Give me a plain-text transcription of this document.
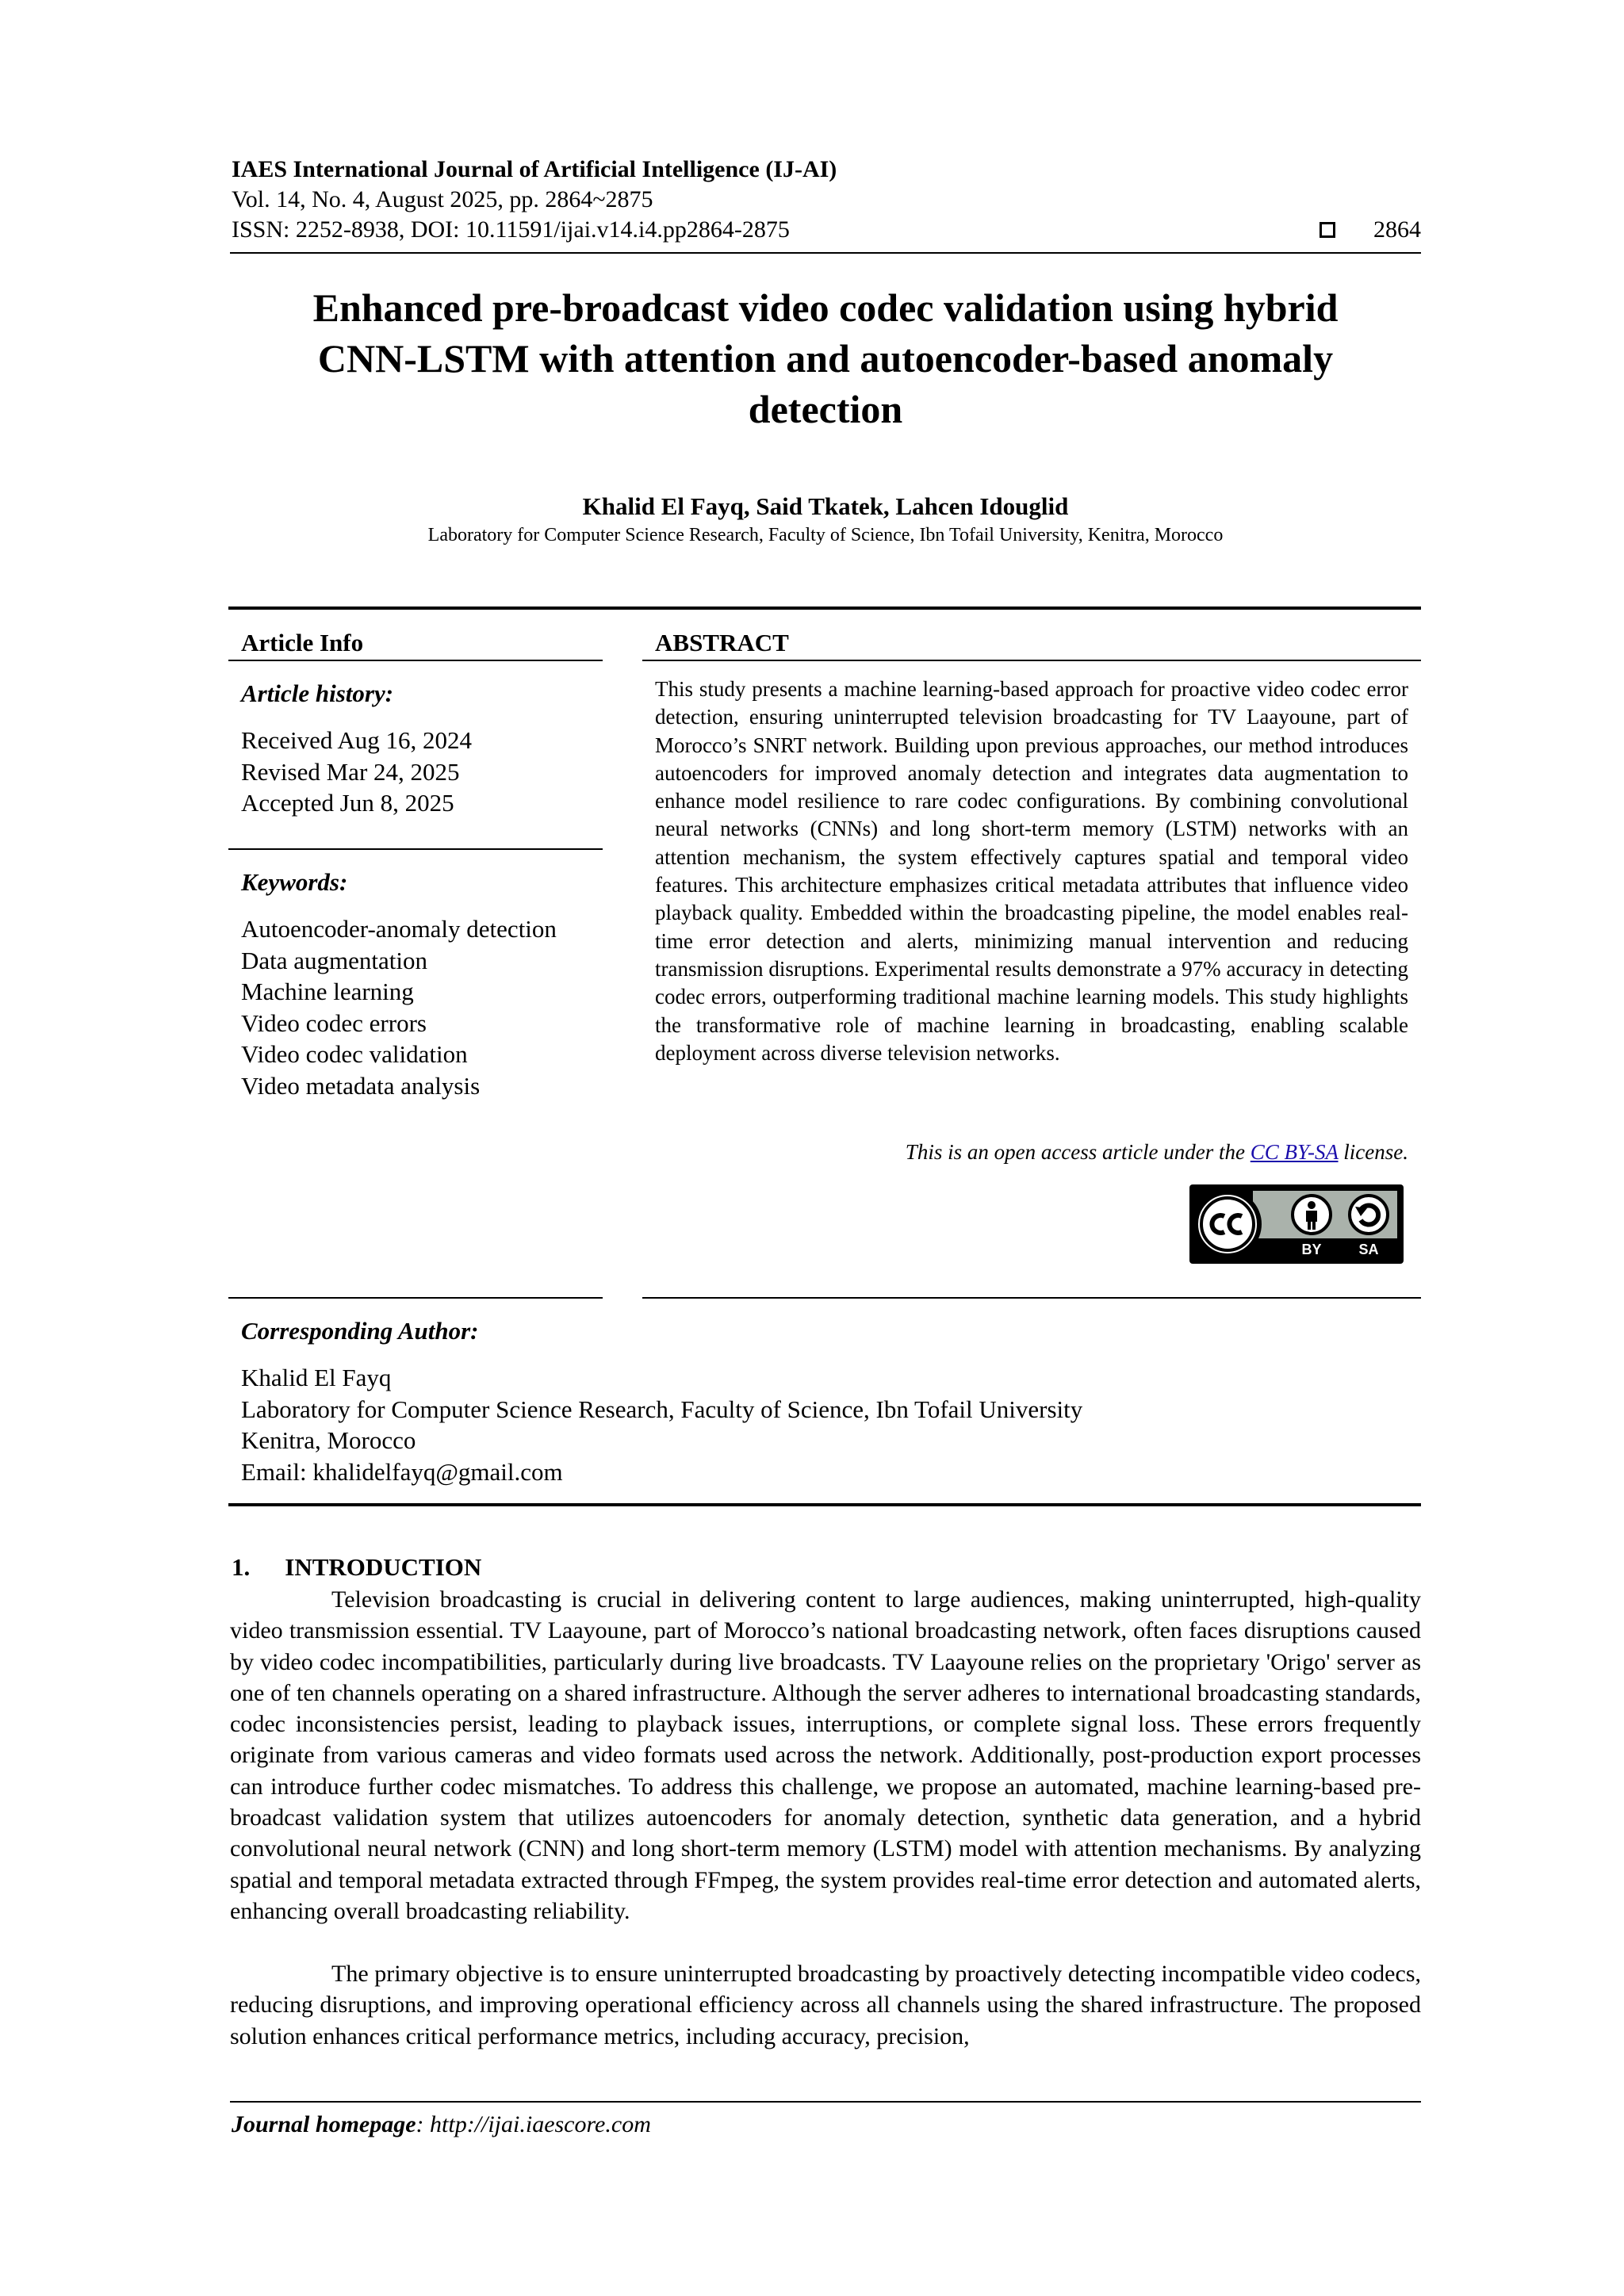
IAES International Journal of Artificial Intelligence (IJ-AI)
Vol. 14, No. 4, August 2025, pp. 2864~2875
ISSN: 2252-8938, DOI: 10.11591/ijai.v14.i4.pp2864-2875	2864
Enhanced pre-broadcast video codec validation using hybrid
CNN-LSTM with attention and autoencoder-based anomaly
detection
Khalid El Fayq, Said Tkatek, Lahcen Idouglid
Laboratory for Computer Science Research, Faculty of Science, Ibn Tofail University, Kenitra, Morocco
Article Info	ABSTRACT
Article history:
Received Aug 16, 2024
Revised Mar 24, 2025
Accepted Jun 8, 2025
Keywords:
Autoencoder-anomaly detection
Data augmentation
Machine learning
Video codec errors
Video codec validation
Video metadata analysis
This study presents a machine learning-based approach for proactive video codec error detection, ensuring uninterrupted television broadcasting for TV Laayoune, part of Morocco’s SNRT network. Building upon previous approaches, our method introduces autoencoders for improved anomaly detection and integrates data augmentation to enhance model resilience to rare codec configurations. By combining convolutional neural networks (CNNs) and long short-term memory (LSTM) networks with an attention mechanism, the system effectively captures spatial and temporal video features. This architecture emphasizes critical metadata attributes that influence video playback quality. Embedded within the broadcasting pipeline, the model enables real-time error detection and alerts, minimizing manual intervention and reducing transmission disruptions. Experimental results demonstrate a 97% accuracy in detecting codec errors, outperforming traditional machine learning models. This study highlights the transformative role of machine learning in broadcasting, enabling scalable deployment across diverse television networks.
This is an open access article under the CC BY-SA license.
BY	SA
Corresponding Author:
Khalid El Fayq
Laboratory for Computer Science Research, Faculty of Science, Ibn Tofail University
Kenitra, Morocco
Email: khalidelfayq@gmail.com
1. INTRODUCTION
Television broadcasting is crucial in delivering content to large audiences, making uninterrupted, high-quality video transmission essential. TV Laayoune, part of Morocco’s national broadcasting network, often faces disruptions caused by video codec incompatibilities, particularly during live broadcasts. TV Laayoune relies on the proprietary 'Origo' server as one of ten channels operating on a shared infrastructure. Although the server adheres to international broadcasting standards, codec inconsistencies persist, leading to playback issues, interruptions, or complete signal loss. These errors frequently originate from various cameras and video formats used across the network. Additionally, post-production export processes can introduce further codec mismatches. To address this challenge, we propose an automated, machine learning-based pre-broadcast validation system that utilizes autoencoders for anomaly detection, synthetic data generation, and a hybrid convolutional neural network (CNN) and long short-term memory (LSTM) model with attention mechanisms. By analyzing spatial and temporal metadata extracted through FFmpeg, the system provides real-time error detection and automated alerts, enhancing overall broadcasting reliability.
The primary objective is to ensure uninterrupted broadcasting by proactively detecting incompatible video codecs, reducing disruptions, and improving operational efficiency across all channels using the shared infrastructure. The proposed solution enhances critical performance metrics, including accuracy, precision,
Journal homepage: http://ijai.iaescore.com
